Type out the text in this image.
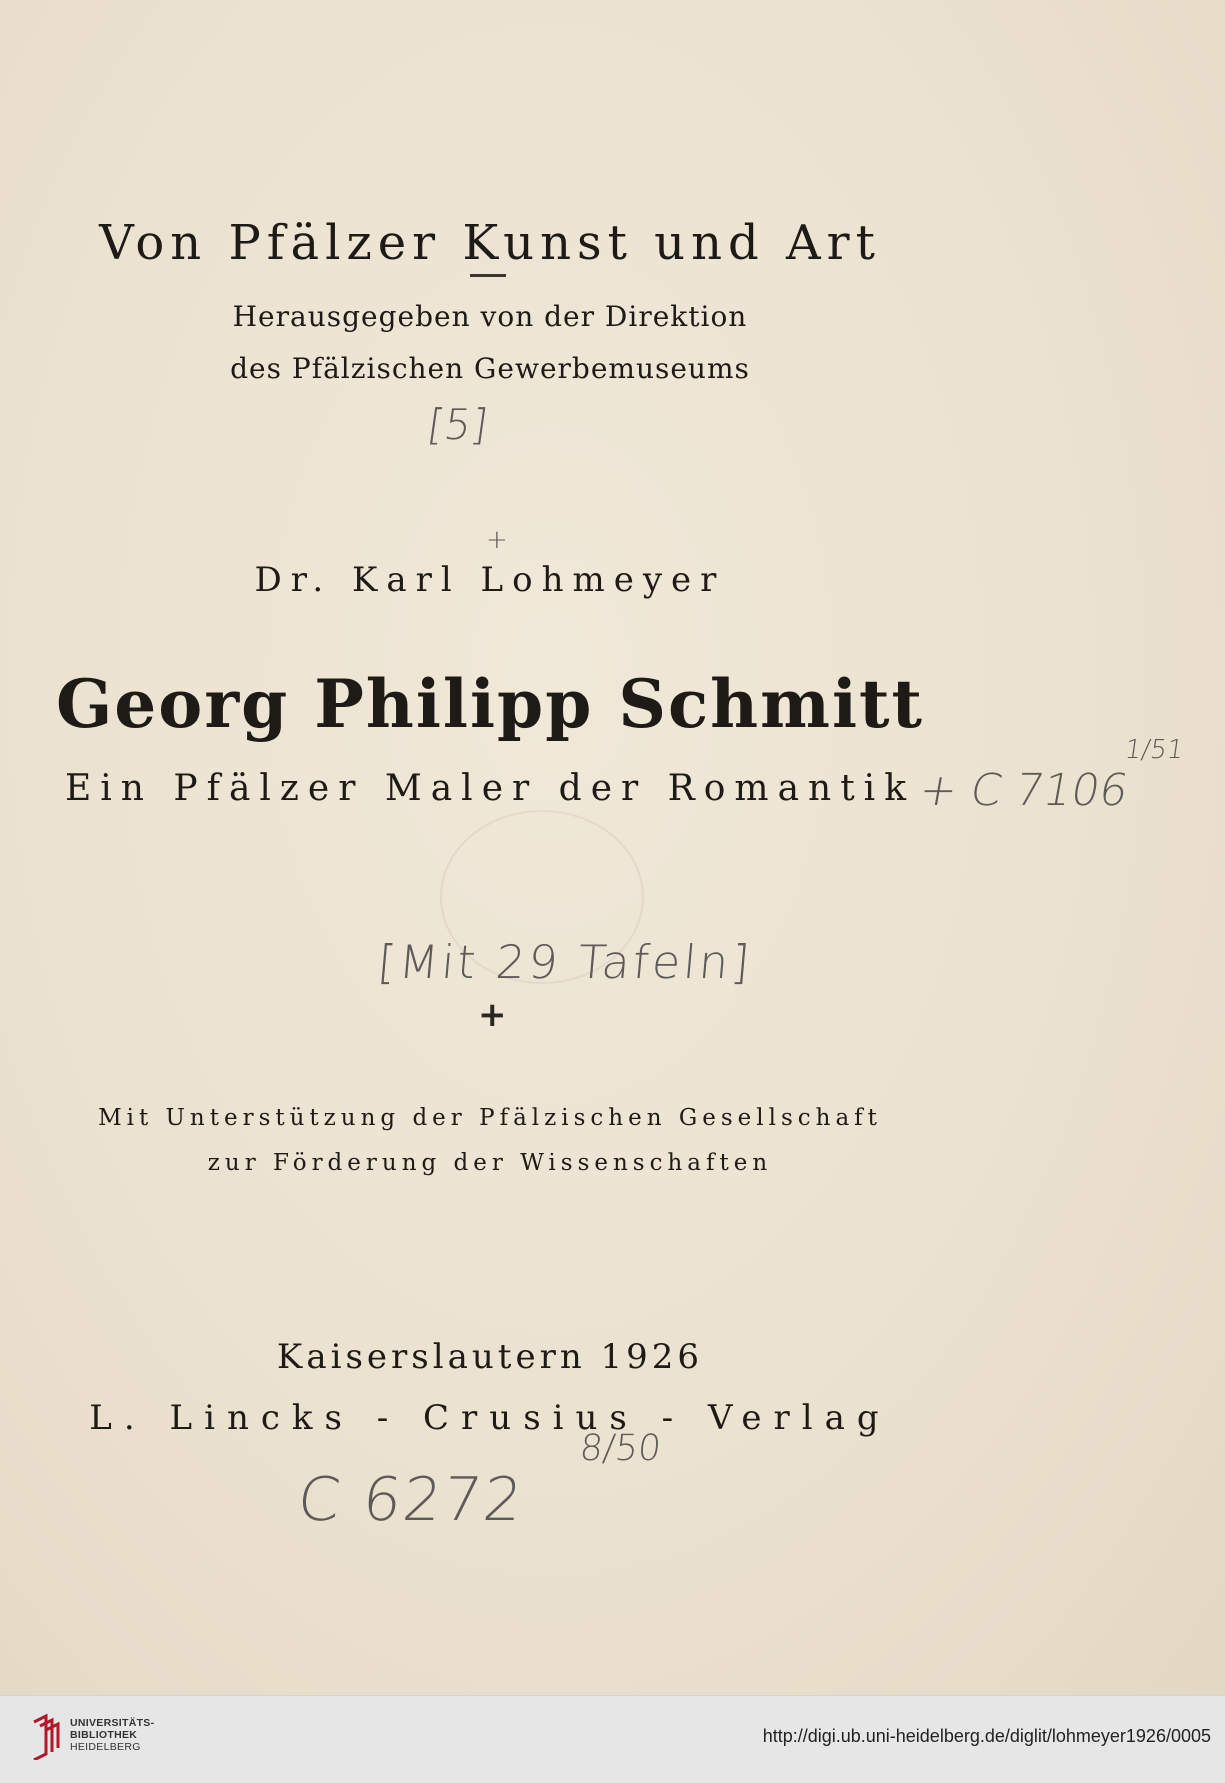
Von Pfälzer Kunst und Art
Herausgegeben von der Direktion
des Pfälzischen Gewerbemuseums
[5]
+
Dr. Karl Lohmeyer
Georg Philipp Schmitt
Ein Pfälzer Maler der Romantik + C 7106
1/51
[Mit 29 Tafeln]
+
Mit Unterstützung der Pfälzischen Gesellschaft
zur Förderung der Wissenschaften
Kaiserslautern 1926
L. Lincks - Crusius - Verlag
C 6272
8/50
UNIVERSITÄTS-
BIBLIOTHEK
HEIDELBERG
http://digi.ub.uni-heidelberg.de/diglit/lohmeyer1926/0005
